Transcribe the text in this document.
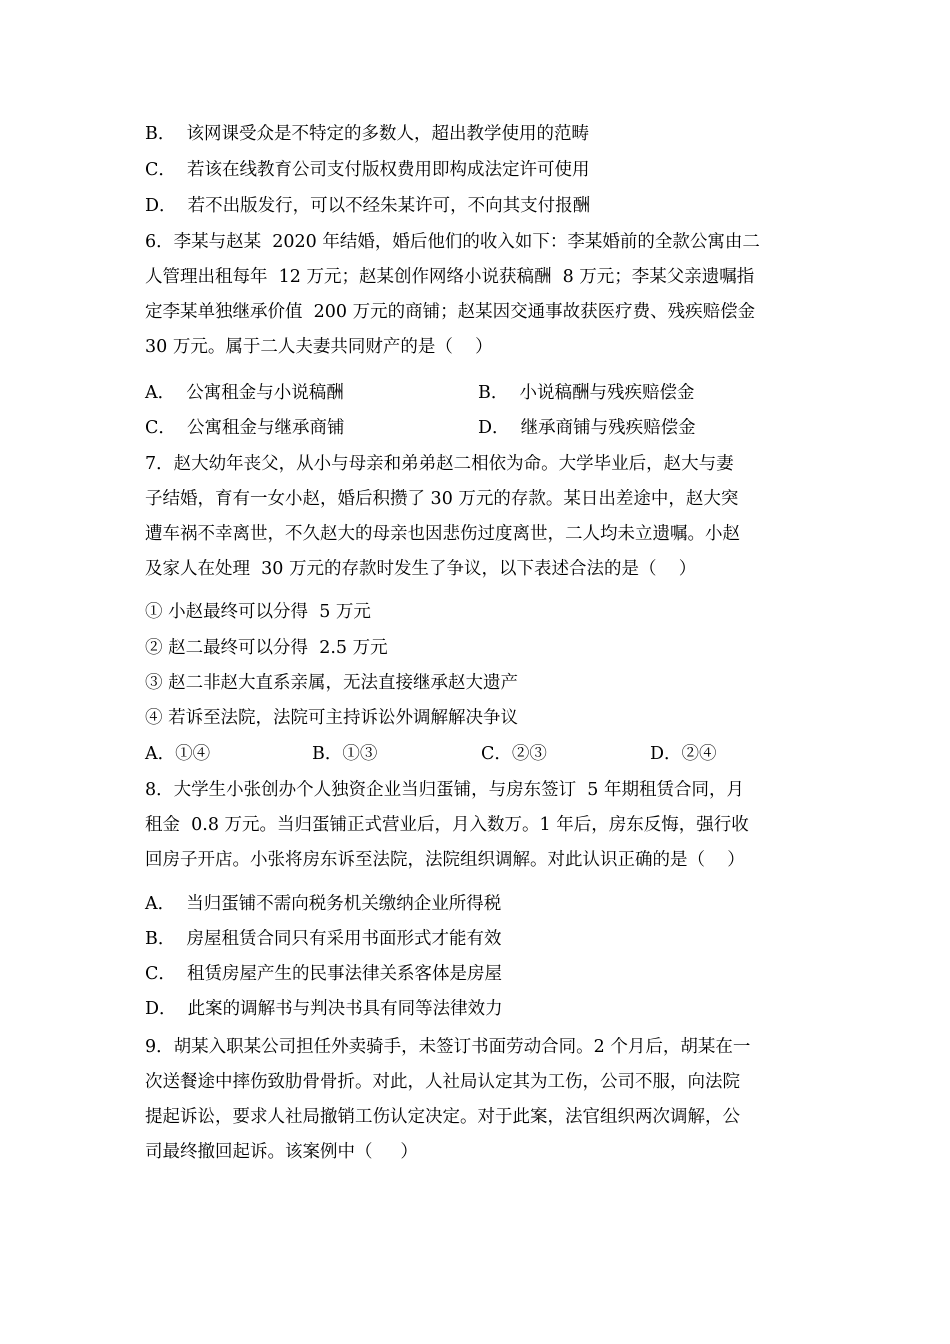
B．  该网课受众是不特定的多数人，超出教学使用的范畴
C．  若该在线教育公司支付版权费用即构成法定许可使用
D．  若不出版发行，可以不经朱某许可，不向其支付报酬
6．李某与赵某  2020 年结婚，婚后他们的收入如下：李某婚前的全款公寓由二
人管理出租每年  12 万元；赵某创作网络小说获稿酬  8 万元；李某父亲遗嘱指
定李某单独继承价值  200 万元的商铺；赵某因交通事故获医疗费、残疾赔偿金
30 万元。属于二人夫妻共同财产的是（    ）
A．  公寓租金与小说稿酬	B．  小说稿酬与残疾赔偿金
C．  公寓租金与继承商铺	D．  继承商铺与残疾赔偿金
7．赵大幼年丧父，从小与母亲和弟弟赵二相依为命。大学毕业后，赵大与妻
子结婚，育有一女小赵，婚后积攒了 30 万元的存款。某日出差途中，赵大突
遭车祸不幸离世，不久赵大的母亲也因悲伤过度离世，二人均未立遗嘱。小赵
及家人在处理  30 万元的存款时发生了争议，以下表述合法的是（    ）
① 小赵最终可以分得  5 万元
② 赵二最终可以分得  2.5 万元
③ 赵二非赵大直系亲属，无法直接继承赵大遗产
④ 若诉至法院，法院可主持诉讼外调解解决争议
A．①④	B．①③	C．②③	D．②④
8．大学生小张创办个人独资企业当归蛋铺，与房东签订  5 年期租赁合同，月
租金  0.8 万元。当归蛋铺正式营业后，月入数万。1 年后，房东反悔，强行收
回房子开店。小张将房东诉至法院，法院组织调解。对此认识正确的是（    ）
A．  当归蛋铺不需向税务机关缴纳企业所得税
B．  房屋租赁合同只有采用书面形式才能有效
C．  租赁房屋产生的民事法律关系客体是房屋
D．  此案的调解书与判决书具有同等法律效力
9．胡某入职某公司担任外卖骑手，未签订书面劳动合同。2 个月后，胡某在一
次送餐途中摔伤致肋骨骨折。对此，人社局认定其为工伤，公司不服，向法院
提起诉讼，要求人社局撤销工伤认定决定。对于此案，法官组织两次调解，公
司最终撤回起诉。该案例中（     ）
